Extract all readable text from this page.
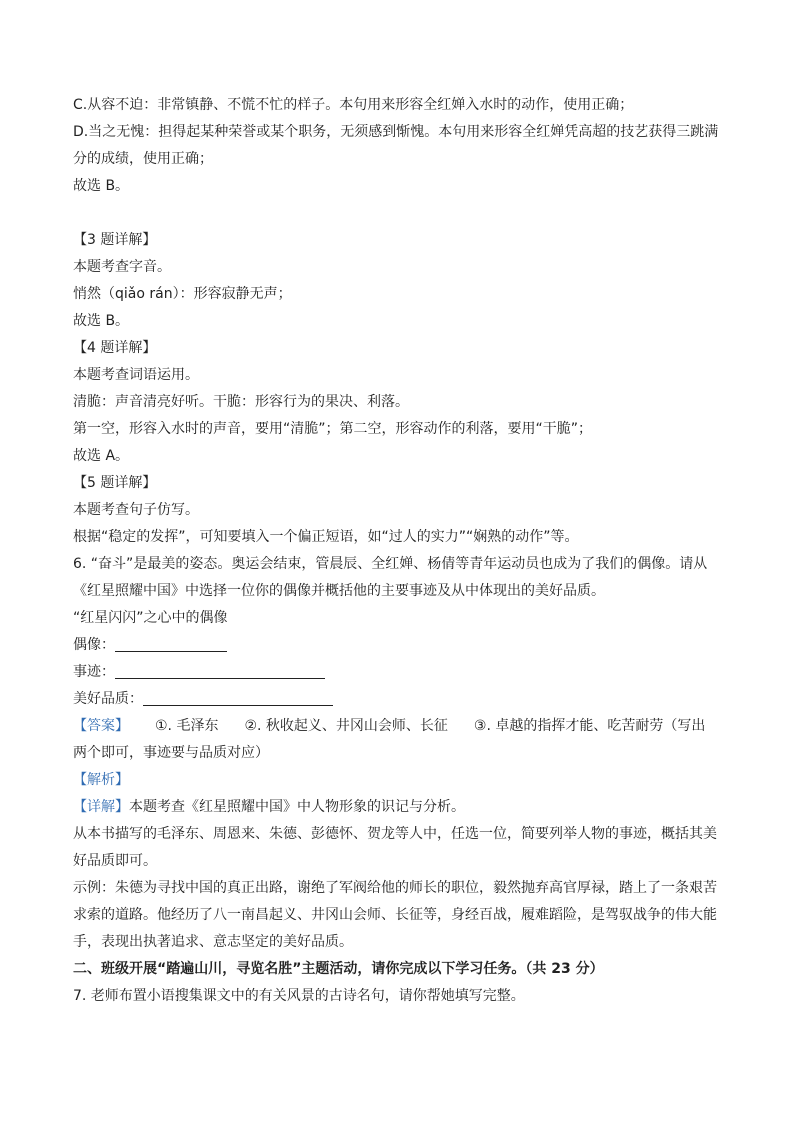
C.从容不迫：非常镇静、不慌不忙的样子。本句用来形容全红婵入水时的动作，使用正确；
D.当之无愧：担得起某种荣誉或某个职务，无须感到惭愧。本句用来形容全红婵凭高超的技艺获得三跳满
分的成绩，使用正确；
故选 B。
【3 题详解】
本题考查字音。
悄然（qiǎo rán）：形容寂静无声；
故选 B。
【4 题详解】
本题考查词语运用。
清脆：声音清亮好听。干脆：形容行为的果决、利落。
第一空，形容入水时的声音，要用“清脆”；第二空，形容动作的利落，要用“干脆”；
故选 A。
【5 题详解】
本题考查句子仿写。
根据“稳定的发挥”，可知要填入一个偏正短语，如“过人的实力”“娴熟的动作”等。
6. “奋斗”是最美的姿态。奥运会结束，管晨辰、全红婵、杨倩等青年运动员也成为了我们的偶像。请从
《红星照耀中国》中选择一位你的偶像并概括他的主要事迹及从中体现出的美好品质。
“红星闪闪”之心中的偶像
偶像：
事迹：
美好品质：
【答案】 ①. 毛泽东 ②. 秋收起义、井冈山会师、长征 ③. 卓越的指挥才能、吃苦耐劳（写出
两个即可，事迹要与品质对应）
【解析】
【详解】本题考查《红星照耀中国》中人物形象的识记与分析。
从本书描写的毛泽东、周恩来、朱德、彭德怀、贺龙等人中，任选一位，简要列举人物的事迹，概括其美
好品质即可。
示例：朱德为寻找中国的真正出路，谢绝了军阀给他的师长的职位，毅然抛弃高官厚禄，踏上了一条艰苦
求索的道路。他经历了八一南昌起义、井冈山会师、长征等，身经百战，履难蹈险，是驾驭战争的伟大能
手，表现出执著追求、意志坚定的美好品质。
二、班级开展“踏遍山川，寻览名胜”主题活动，请你完成以下学习任务。（共 23 分）
7. 老师布置小语搜集课文中的有关风景的古诗名句，请你帮她填写完整。
